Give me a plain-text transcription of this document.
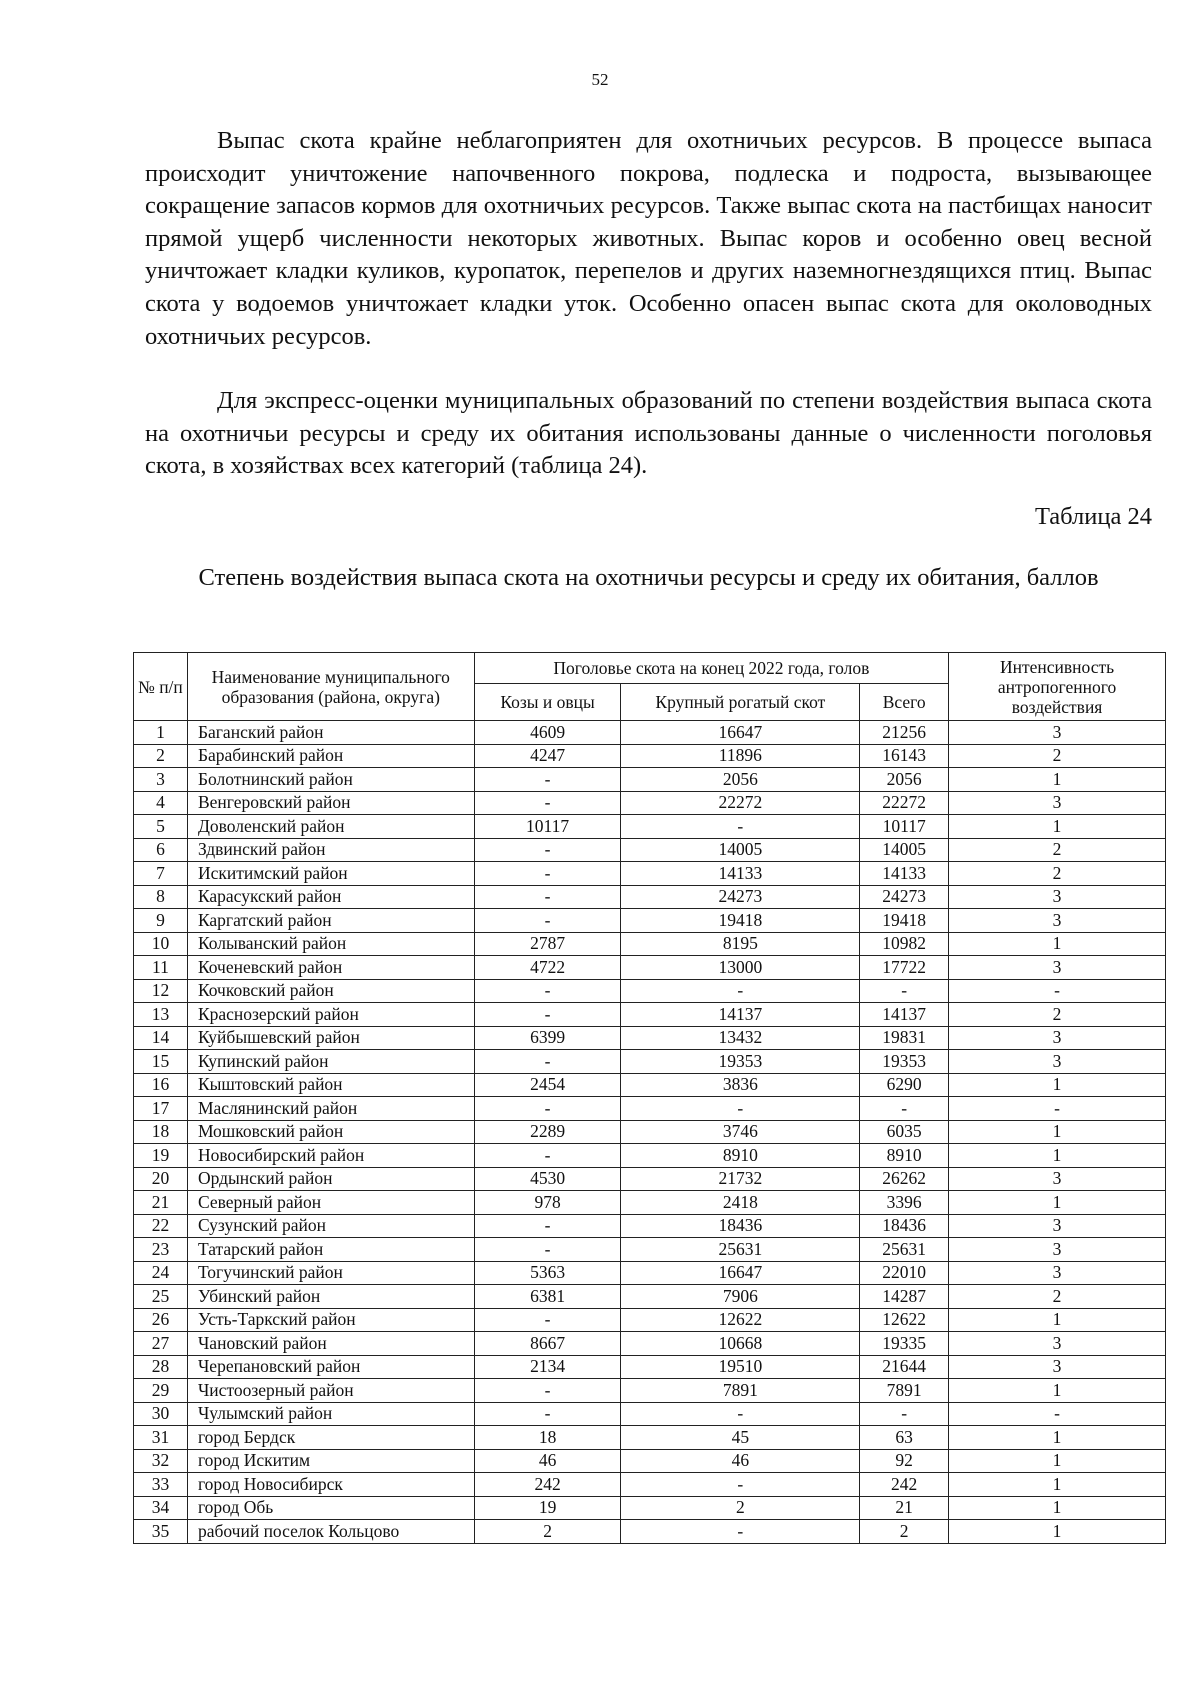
52

Выпас скота крайне неблагоприятен для охотничьих ресурсов. В процессе выпаса происходит уничтожение напочвенного покрова, подлеска и подроста, вызывающее сокращение запасов кормов для охотничьих ресурсов. Также выпас скота на пастбищах наносит прямой ущерб численности некоторых животных. Выпас коров и особенно овец весной уничтожает кладки куликов, куропаток, перепелов и других наземногнездящихся птиц. Выпас скота у водоемов уничтожает кладки уток. Особенно опасен выпас скота для околоводных охотничьих ресурсов.

Для экспресс-оценки муниципальных образований по степени воздействия выпаса скота на охотничьи ресурсы и среду их обитания использованы данные о численности поголовья скота, в хозяйствах всех категорий (таблица 24).

Таблица 24
Степень воздействия выпаса скота на охотничьи ресурсы и среду их обитания, баллов
№ п/п	Наименование муниципального образования (района, округа)	Поголовье скота на конец 2022 года, голов			Интенсивность антропогенного воздействия
		Козы и овцы	Крупный рогатый скот	Всего	
1	Баганский район	4609	16647	21256	3
2	Барабинский район	4247	11896	16143	2
3	Болотнинский район	-	2056	2056	1
4	Венгеровский район	-	22272	22272	3
5	Доволенский район	10117	-	10117	1
6	Здвинский район	-	14005	14005	2
7	Искитимский район	-	14133	14133	2
8	Карасукский район	-	24273	24273	3
9	Каргатский район	-	19418	19418	3
10	Колыванский район	2787	8195	10982	1
11	Коченевский район	4722	13000	17722	3
12	Кочковский район	-	-	-	-
13	Краснозерский район	-	14137	14137	2
14	Куйбышевский район	6399	13432	19831	3
15	Купинский район	-	19353	19353	3
16	Кыштовский район	2454	3836	6290	1
17	Маслянинский район	-	-	-	-
18	Мошковский район	2289	3746	6035	1
19	Новосибирский район	-	8910	8910	1
20	Ордынский район	4530	21732	26262	3
21	Северный район	978	2418	3396	1
22	Сузунский район	-	18436	18436	3
23	Татарский район	-	25631	25631	3
24	Тогучинский район	5363	16647	22010	3
25	Убинский район	6381	7906	14287	2
26	Усть-Таркский район	-	12622	12622	1
27	Чановский район	8667	10668	19335	3
28	Черепановский район	2134	19510	21644	3
29	Чистоозерный район	-	7891	7891	1
30	Чулымский район	-	-	-	-
31	город Бердск	18	45	63	1
32	город Искитим	46	46	92	1
33	город Новосибирск	242	-	242	1
34	город Обь	19	2	21	1
35	рабочий поселок Кольцово	2	-	2	1
